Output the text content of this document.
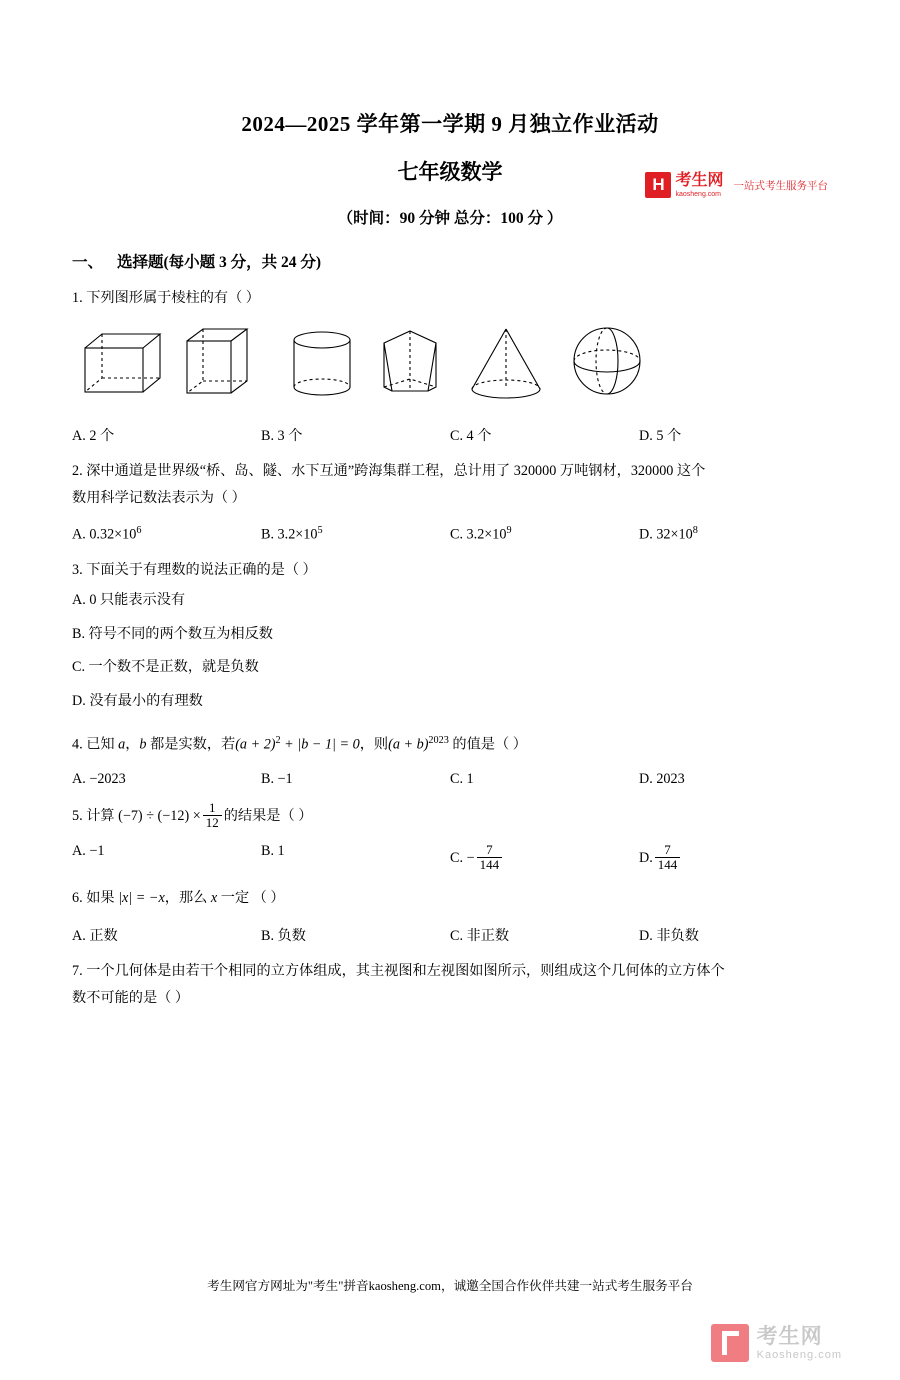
H 考生网
kaosheng.com
一站式考生服务平台
2024—2025 学年第一学期 9 月独立作业活动
七年级数学
（时间：90 分钟 总分：100 分 ）
一、 选择题(每小题 3 分，共 24 分)
1. 下列图形属于棱柱的有（ ）
A. 2 个	B. 3 个	C. 4 个	D. 5 个
2. 深中通道是世界级“桥、岛、隧、水下互通”跨海集群工程，总计用了 320000 万吨钢材，320000 这个
数用科学记数法表示为（ ）
A. $0.32\times 10^6$	B. $3.2\times 10^5$	C. $3.2\times 10^9$	D. $32\times 10^8$
3. 下面关于有理数的说法正确的是（ ）
A. 0 只能表示没有
B. 符号不同的两个数互为相反数
C. 一个数不是正数，就是负数
D. 没有最小的有理数
4. 已知 a，b 都是实数，若$(a + 2)^2 + |b - 1| = 0$，则$(a + b)^{2023}$ 的值是（ ）
A. −2023	B. −1	C. 1	D. 2023
5. 计算 $(-7) \div (-12) \times \frac{1}{12}$ 的结果是（ ）
A. −1	B. 1	C. − $\frac{7}{144}$	D. $\frac{7}{144}$
6. 如果 |x| = −x，那么 x 一定 （ ）
A. 正数	B. 负数	C. 非正数	D. 非负数
7. 一个几何体是由若干个相同的立方体组成，其主视图和左视图如图所示，则组成这个几何体的立方体个
数不可能的是（ ）
考生网官方网址为"考生"拼音kaosheng.com，诚邀全国合作伙伴共建一站式考生服务平台
考生网
Kaosheng.com
